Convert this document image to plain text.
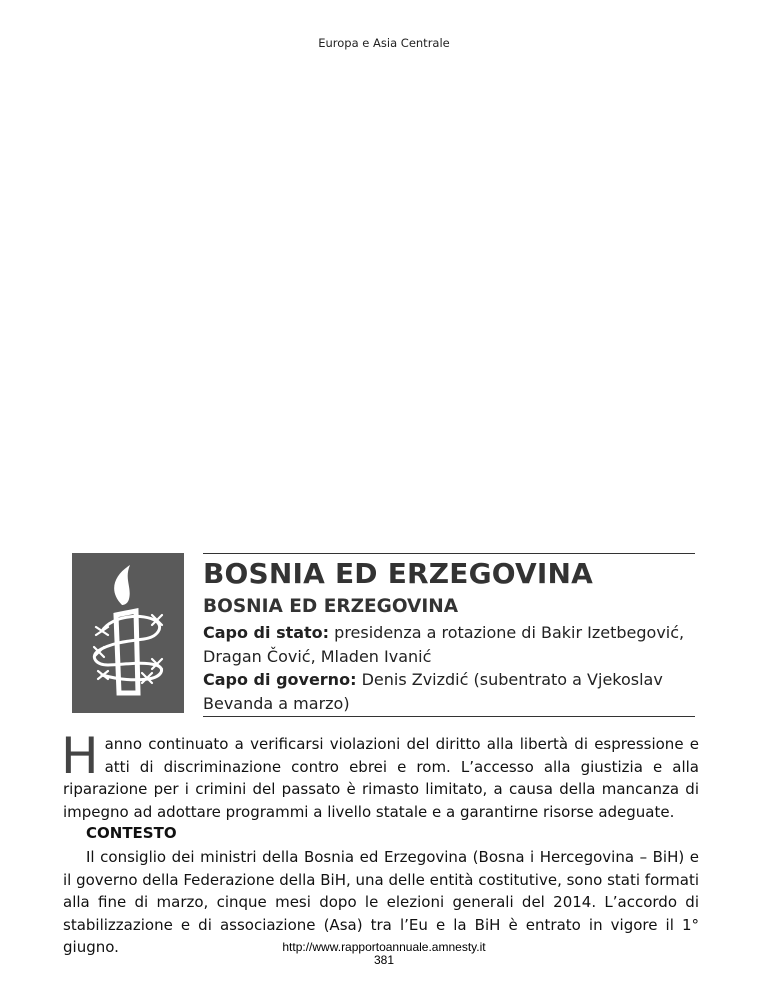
Europa e Asia Centrale
BOSNIA ED ERZEGOVINA
BOSNIA ED ERZEGOVINA

Capo di stato: presidenza a rotazione di Bakir Izetbegović, Dragan Čović, Mladen Ivanić

Capo di governo: Denis Zvizdić (subentrato a Vjekoslav Bevanda a marzo)

Hanno continuato a verificarsi violazioni del diritto alla libertà di espressione e atti di discriminazione contro ebrei e rom. L’accesso alla giustizia e alla riparazione per i crimini del passato è rimasto limitato, a causa della mancanza di impegno ad adottare programmi a livello statale e a garantirne risorse adeguate.

CONTESTO

Il consiglio dei ministri della Bosnia ed Erzegovina (Bosna i Hercegovina – BiH) e il governo della Federazione della BiH, una delle entità costitutive, sono stati formati alla fine di marzo, cinque mesi dopo le elezioni generali del 2014. L’accordo di stabilizzazione e di associazione (Asa) tra l’Eu e la BiH è entrato in vigore il 1° giugno.	http://www.rapportoannuale.amnesty.it
381
